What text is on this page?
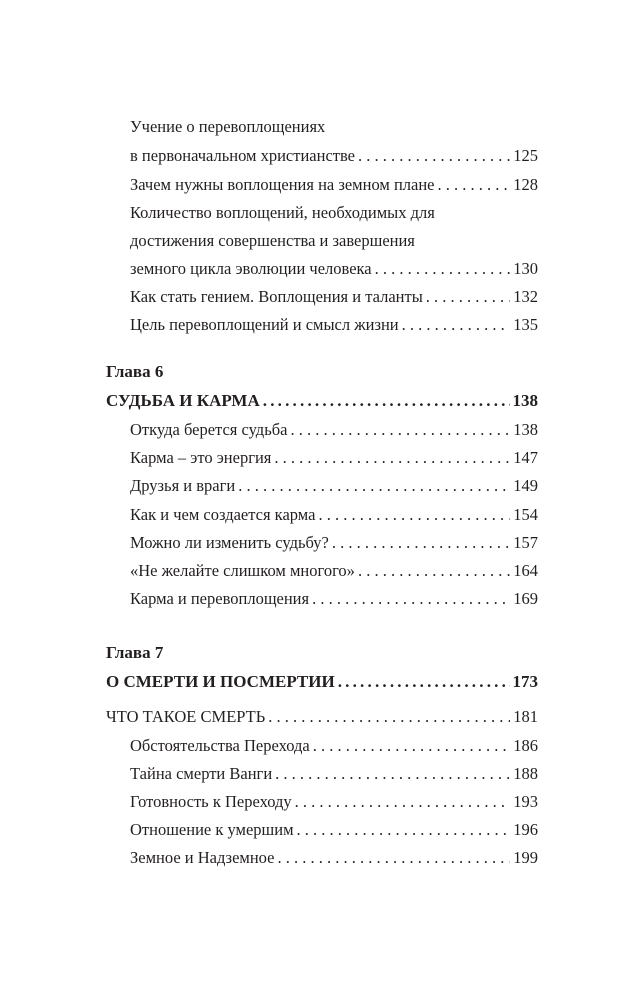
Учение о перевоплощениях
в первоначальном христианстве . . .	125
Зачем нужны воплощения на земном плане . . .	128
Количество воплощений, необходимых для
достижения совершенства и завершения
земного цикла эволюции человека . . .	130
Как стать гением. Воплощения и таланты . . .	132
Цель перевоплощений и смысл жизни . . .	135
Глава 6
СУДЬБА И КАРМА .....	138
Откуда берется судьба . . .	138
Карма – это энергия . . .	147
Друзья и враги . . .	149
Как и чем создается карма . . .	154
Можно ли изменить судьбу? . . .	157
«Не желайте слишком многого» . . .	164
Карма и перевоплощения . . .	169
Глава 7
О СМЕРТИ И ПОСМЕРТИИ .....	173
ЧТО ТАКОЕ СМЕРТЬ . . .	181
Обстоятельства Перехода . . .	186
Тайна смерти Ванги . . .	188
Готовность к Переходу . . .	193
Отношение к умершим . . .	196
Земное и Надземное . . .	199
